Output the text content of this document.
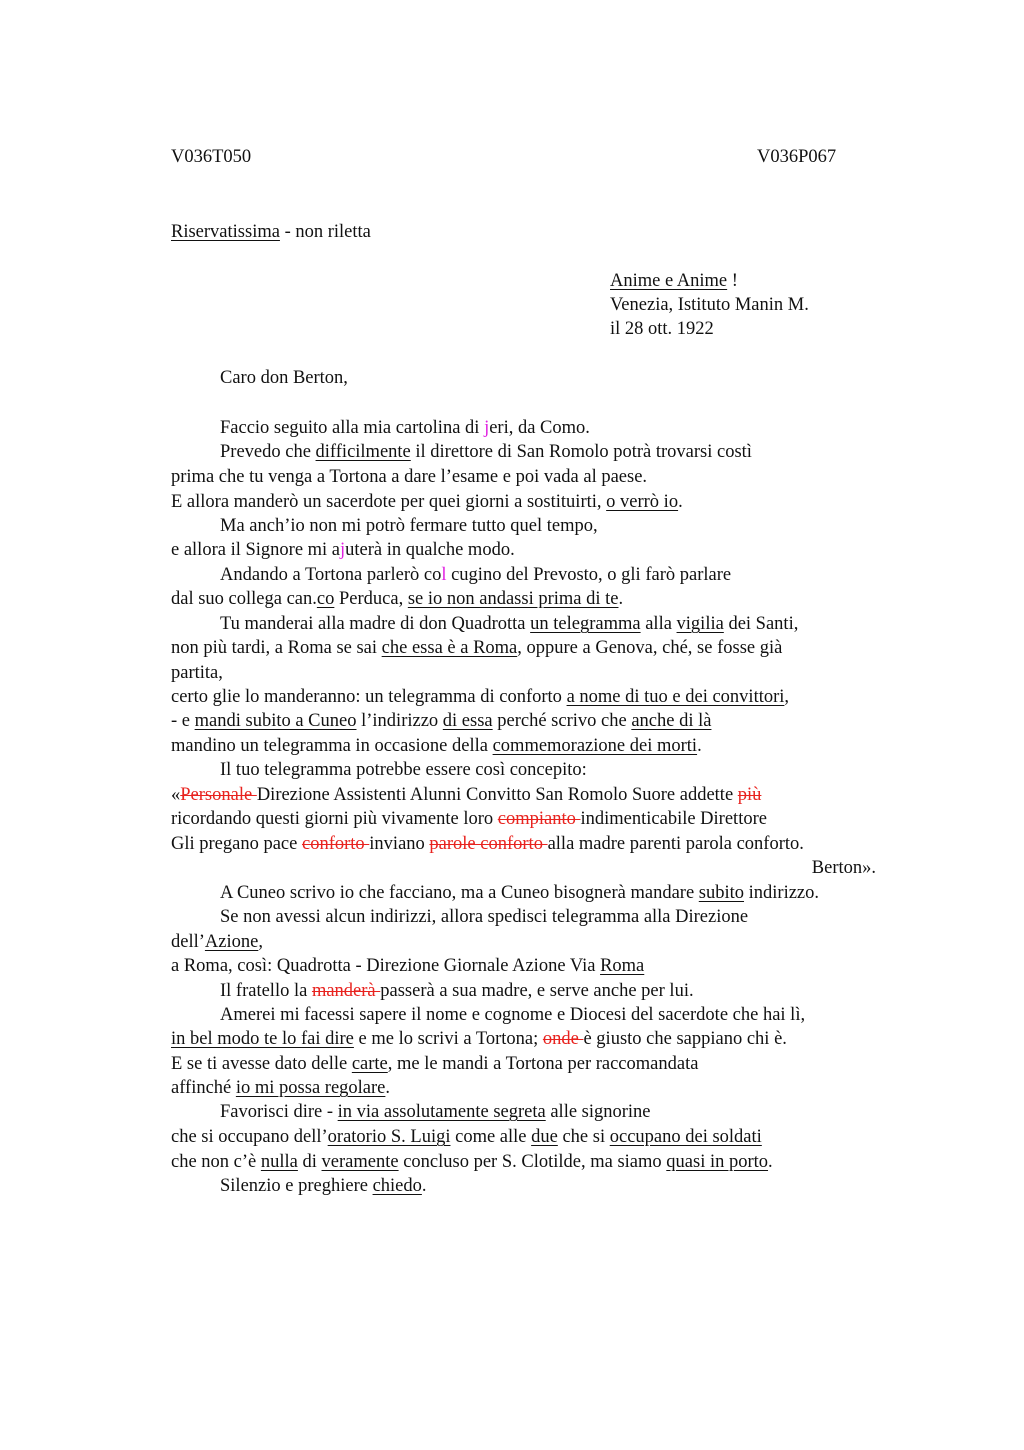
V036T050	V036P067
Riservatissima - non riletta
Anime e Anime !
Venezia, Istituto Manin M.
il 28 ott. 1922
Caro don Berton,
Faccio seguito alla mia cartolina di jeri, da Como.
Prevedo che difficilmente il direttore di San Romolo potrà trovarsi costì
prima che tu venga a Tortona a dare l’esame e poi vada al paese.
E allora manderò un sacerdote per quei giorni a sostituirti, o verrò io.
Ma anch’io non mi potrò fermare tutto quel tempo,
e allora il Signore mi ajuterà in qualche modo.
Andando a Tortona parlerò col cugino del Prevosto, o gli farò parlare
dal suo collega can.co Perduca, se io non andassi prima di te.
Tu manderai alla madre di don Quadrotta un telegramma alla vigilia dei Santi,
non più tardi, a Roma se sai che essa è a Roma, oppure a Genova, ché, se fosse già
partita,
certo glie lo manderanno: un telegramma di conforto a nome di tuo e dei convittori,
- e mandi subito a Cuneo l’indirizzo di essa perché scrivo che anche di là
mandino un telegramma in occasione della commemorazione dei morti.
Il tuo telegramma potrebbe essere così concepito:
«Personale Direzione Assistenti Alunni Convitto San Romolo Suore addette più
ricordando questi giorni più vivamente loro compianto indimenticabile Direttore
Gli pregano pace conforto inviano parole conforto alla madre parenti parola conforto.
Berton».
A Cuneo scrivo io che facciano, ma a Cuneo bisognerà mandare subito indirizzo.
Se non avessi alcun indirizzi, allora spedisci telegramma alla Direzione
dell’Azione,
a Roma, così: Quadrotta - Direzione Giornale Azione Via Roma
Il fratello la manderà passerà a sua madre, e serve anche per lui.
Amerei mi facessi sapere il nome e cognome e Diocesi del sacerdote che hai lì,
in bel modo te lo fai dire e me lo scrivi a Tortona; onde è giusto che sappiano chi è.
E se ti avesse dato delle carte, me le mandi a Tortona per raccomandata
affinché io mi possa regolare.
Favorisci dire - in via assolutamente segreta alle signorine
che si occupano dell’oratorio S. Luigi come alle due che si occupano dei soldati
che non c’è nulla di veramente concluso per S. Clotilde, ma siamo quasi in porto.
Silenzio e preghiere chiedo.
